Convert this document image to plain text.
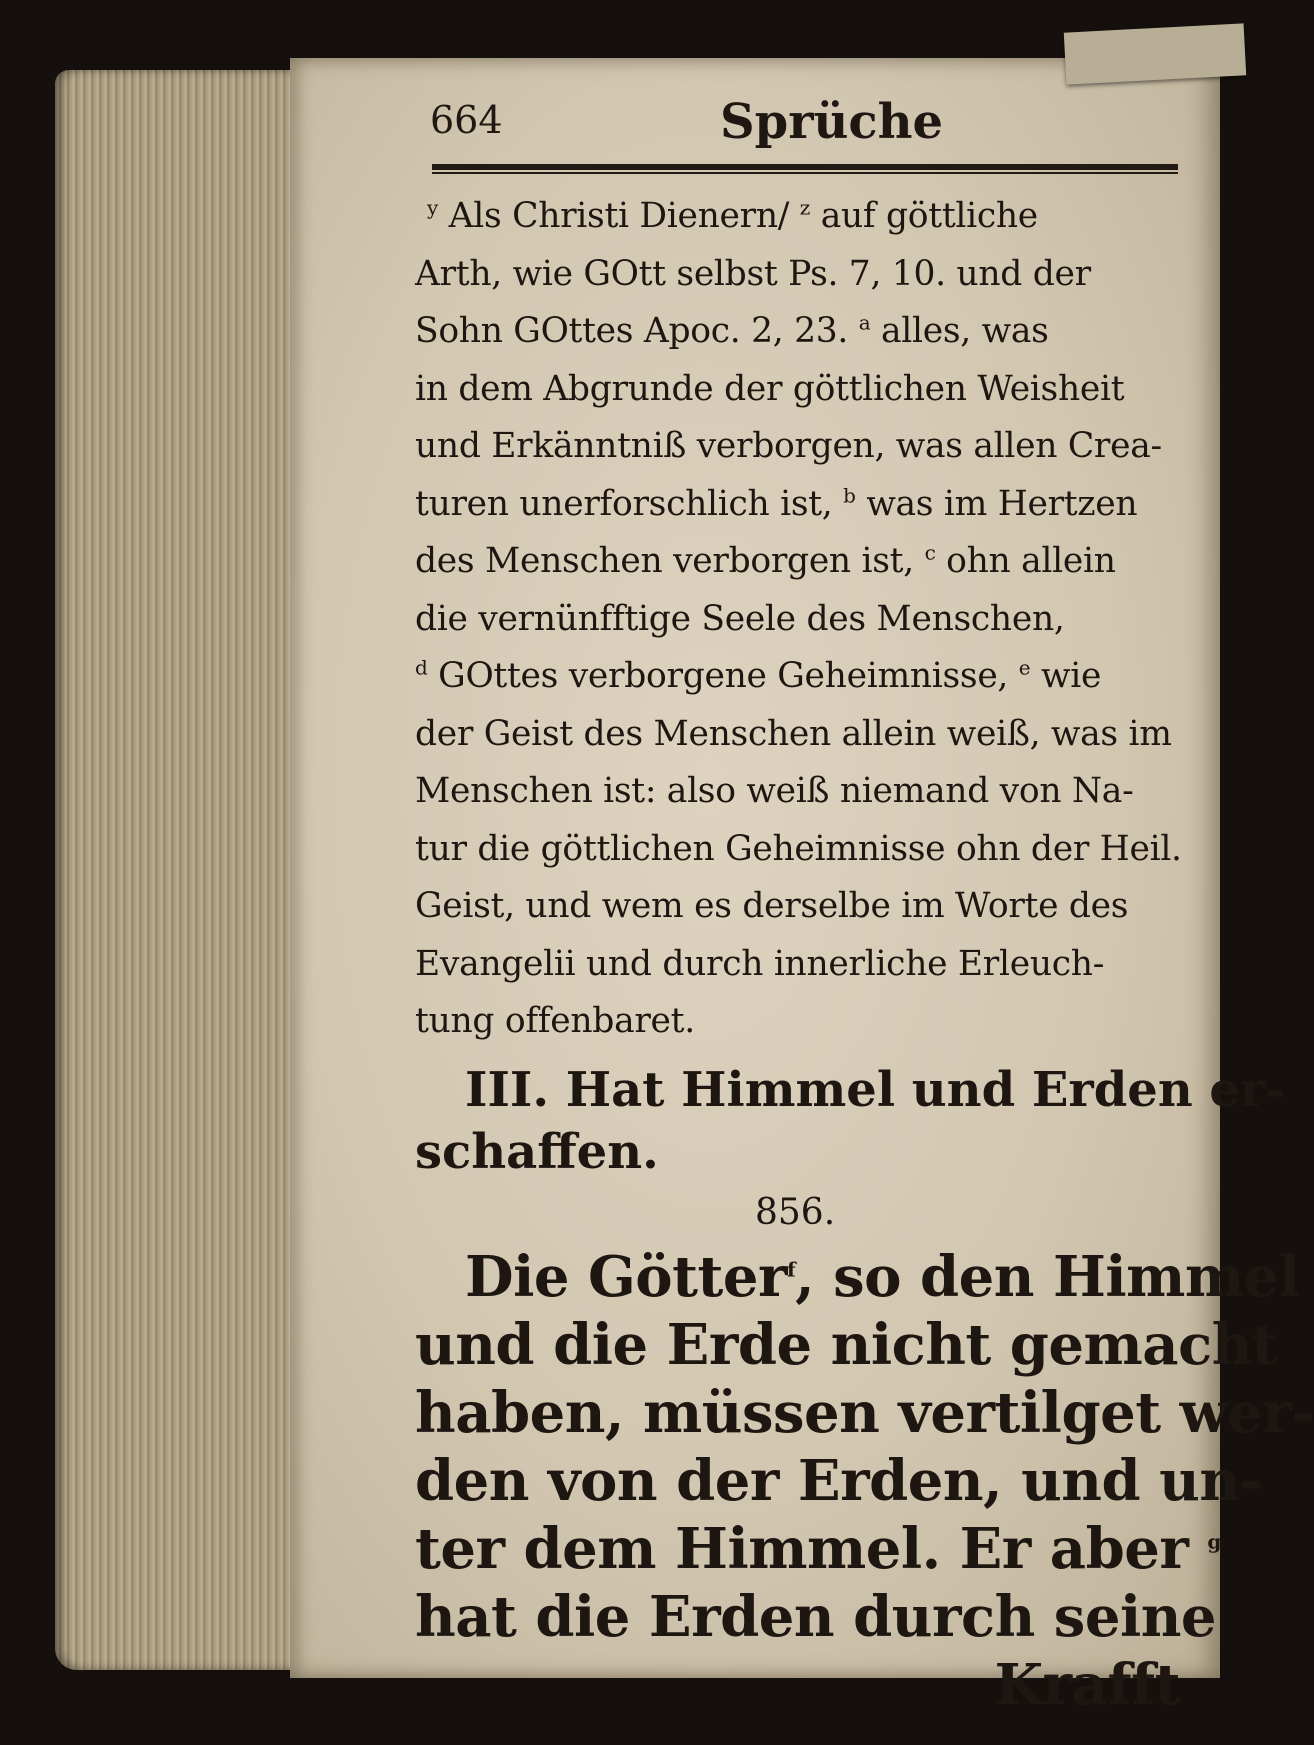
664	Sprüche
$^y$ Als Christi Dienern/ $^z$ auf göttliche
Arth, wie GOtt selbst Ps. 7, 10. und der
Sohn GOttes Apoc. 2, 23. $^a$ alles, was
in dem Abgrunde der göttlichen Weisheit
und Erkänntniß verborgen, was allen Crea-
turen unerforschlich ist, $^b$ was im Hertzen
des Menschen verborgen ist, $^c$ ohn allein
die vernünfftige Seele des Menschen,
$^d$ GOttes verborgene Geheimnisse, $^e$ wie
der Geist des Menschen allein weiß, was im
Menschen ist: also weiß niemand von Na-
tur die göttlichen Geheimnisse ohn der Heil.
Geist, und wem es derselbe im Worte des
Evangelii und durch innerliche Erleuch-
tung offenbaret.
III. Hat Himmel und Erden er-
schaffen.
856.
Die Götter$^f$, so den Himmel
und die Erde nicht gemacht
haben, müssen vertilget wer-
den von der Erden, und un-
ter dem Himmel. Er aber $^g$
hat die Erden durch seine
Krafft
